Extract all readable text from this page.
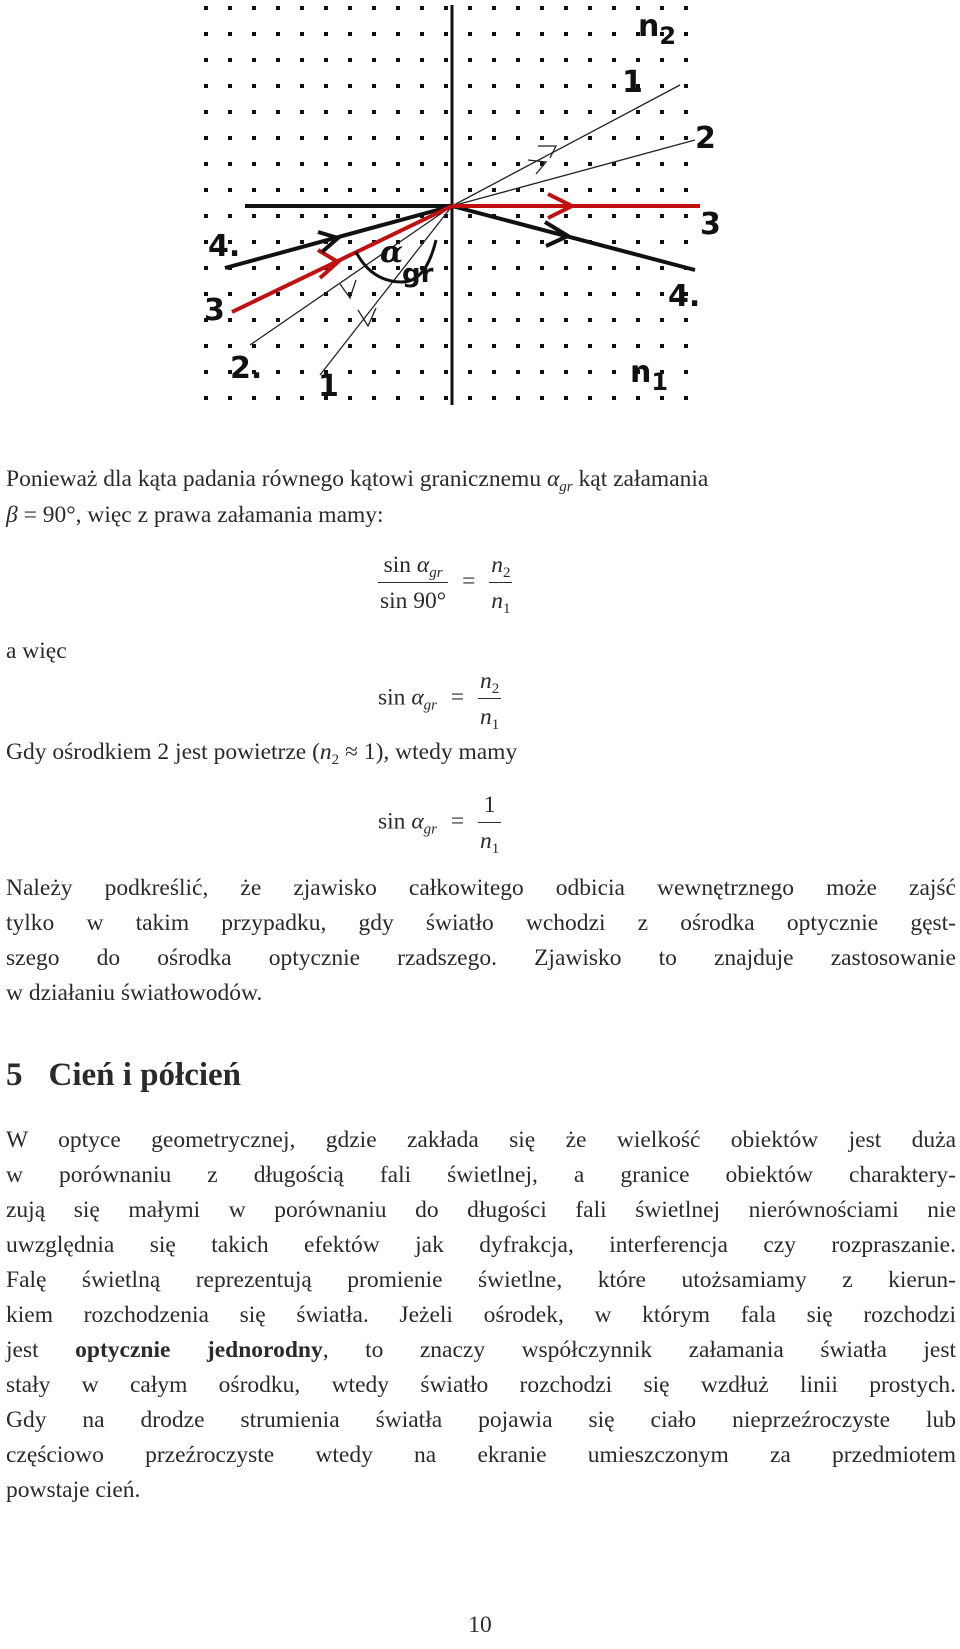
$n_2$
1
2
3
4.
4.
3
2.
1	$n_1$
α
gr
Ponieważ dla kąta padania równego kątowi granicznemu $\alpha_{gr}$ kąt załamania
β = 90°, więc z prawa załamania mamy:
$\frac{\sin \alpha_{gr}}{\sin 90^\circ} = \frac{n_2}{n_1}$
a więc
$\sin \alpha_{gr} = \frac{n_2}{n_1}$
Gdy ośrodkiem 2 jest powietrze $(n_2 \approx 1)$, wtedy mamy
$\sin \alpha_{gr} = \frac{1}{n_1}$
Należy podkreślić, że zjawisko całkowitego odbicia wewnętrznego może zajść
tylko w takim przypadku, gdy światło wchodzi z ośrodka optycznie gęst-
szego do ośrodka optycznie rzadszego. Zjawisko to znajduje zastosowanie
w działaniu światłowodów.
5 Cień i półcień
W optyce geometrycznej, gdzie zakłada się że wielkość obiektów jest duża
w porównaniu z długością fali świetlnej, a granice obiektów charaktery-
zują się małymi w porównaniu do długości fali świetlnej nierównościami nie
uwzględnia się takich efektów jak dyfrakcja, interferencja czy rozpraszanie.
Falę świetlną reprezentują promienie świetlne, które utożsamiamy z kierun-
kiem rozchodzenia się światła. Jeżeli ośrodek, w którym fala się rozchodzi
jest optycznie jednorodny, to znaczy współczynnik załamania światła jest
stały w całym ośrodku, wtedy światło rozchodzi się wzdłuż linii prostych.
Gdy na drodze strumienia światła pojawia się ciało nieprzeźroczyste lub
częściowo przeźroczyste wtedy na ekranie umieszczonym za przedmiotem
powstaje cień.
10
